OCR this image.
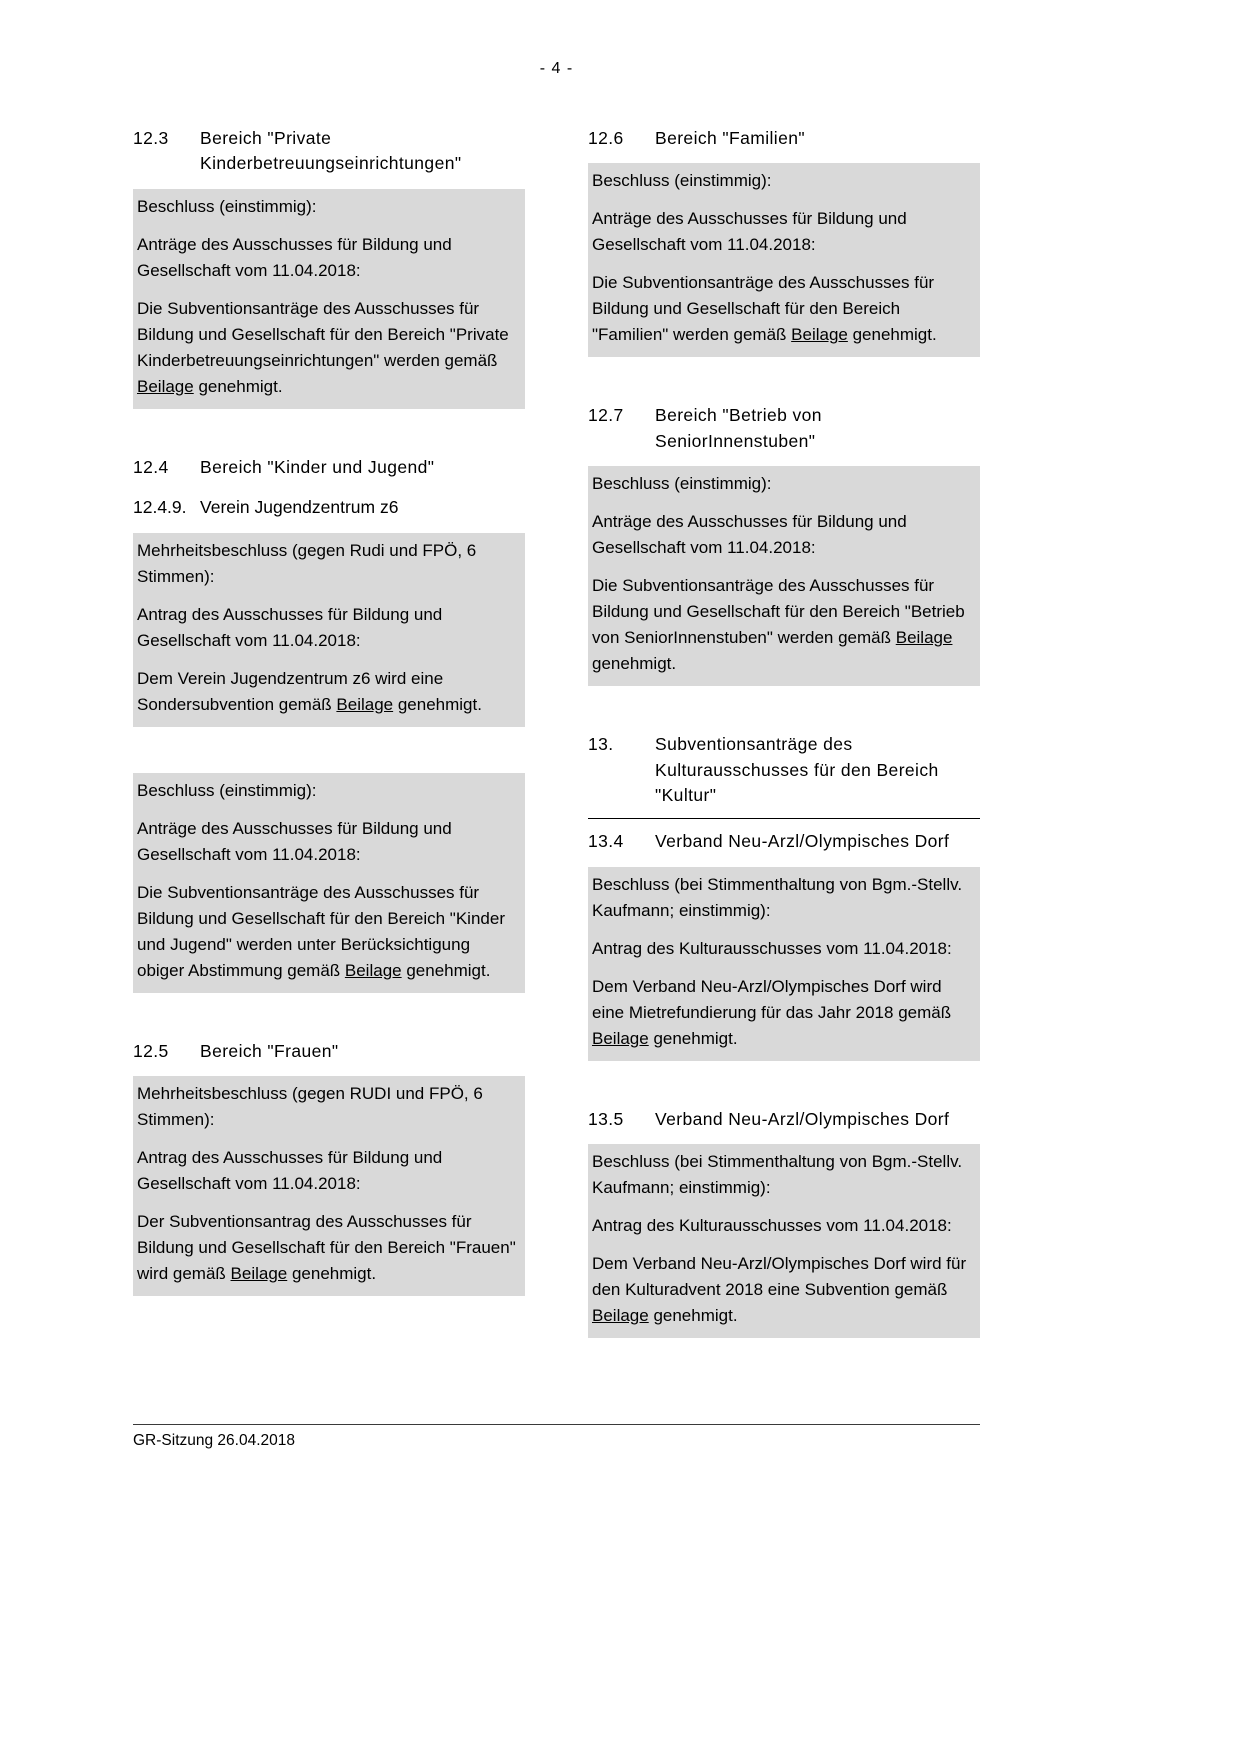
- 4 -
12.3	Bereich "Private Kinderbetreuungseinrichtungen"

Beschluss (einstimmig):

Anträge des Ausschusses für Bildung und Gesellschaft vom 11.04.2018:

Die Subventionsanträge des Ausschusses für Bildung und Gesellschaft für den Bereich "Private Kinderbetreuungseinrichtungen" werden gemäß Beilage genehmigt.

12.4	Bereich "Kinder und Jugend"
12.4.9. Verein Jugendzentrum z6

Mehrheitsbeschluss (gegen Rudi und FPÖ, 6 Stimmen):

Antrag des Ausschusses für Bildung und Gesellschaft vom 11.04.2018:

Dem Verein Jugendzentrum z6 wird eine Sondersubvention gemäß Beilage genehmigt.

Beschluss (einstimmig):

Anträge des Ausschusses für Bildung und Gesellschaft vom 11.04.2018:

Die Subventionsanträge des Ausschusses für Bildung und Gesellschaft für den Bereich "Kinder und Jugend" werden unter Berücksichtigung obiger Abstimmung gemäß Beilage genehmigt.

12.5	Bereich "Frauen"

Mehrheitsbeschluss (gegen RUDI und FPÖ, 6 Stimmen):

Antrag des Ausschusses für Bildung und Gesellschaft vom 11.04.2018:

Der Subventionsantrag des Ausschusses für Bildung und Gesellschaft für den Bereich "Frauen" wird gemäß Beilage genehmigt.

12.6	Bereich "Familien"

Beschluss (einstimmig):

Anträge des Ausschusses für Bildung und Gesellschaft vom 11.04.2018:

Die Subventionsanträge des Ausschusses für Bildung und Gesellschaft für den Bereich "Familien" werden gemäß Beilage genehmigt.

12.7	Bereich "Betrieb von SeniorInnenstuben"

Beschluss (einstimmig):

Anträge des Ausschusses für Bildung und Gesellschaft vom 11.04.2018:

Die Subventionsanträge des Ausschusses für Bildung und Gesellschaft für den Bereich "Betrieb von SeniorInnenstuben" werden gemäß Beilage genehmigt.

13.	Subventionsanträge des Kulturausschusses für den Bereich "Kultur"
13.4	Verband Neu-Arzl/Olympisches Dorf

Beschluss (bei Stimmenthaltung von Bgm.-Stellv. Kaufmann; einstimmig):

Antrag des Kulturausschusses vom 11.04.2018:

Dem Verband Neu-Arzl/Olympisches Dorf wird eine Mietrefundierung für das Jahr 2018 gemäß Beilage genehmigt.

13.5	Verband Neu-Arzl/Olympisches Dorf

Beschluss (bei Stimmenthaltung von Bgm.-Stellv. Kaufmann; einstimmig):

Antrag des Kulturausschusses vom 11.04.2018:

Dem Verband Neu-Arzl/Olympisches Dorf wird für den Kulturadvent 2018 eine Subvention gemäß Beilage genehmigt.

GR-Sitzung 26.04.2018
